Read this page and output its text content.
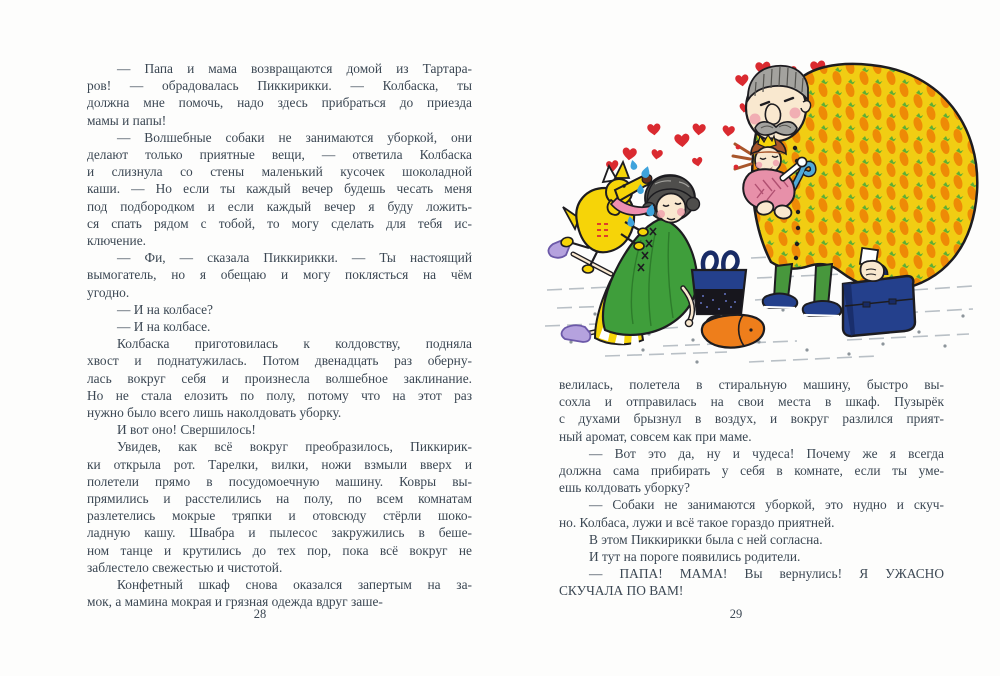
— Папа и мама возвращаются домой из Тартара-
ров! — обрадовалась Пиккирикки. — Колбаска, ты
должна мне помочь, надо здесь прибраться до приезда
мамы и папы!
— Волшебные собаки не занимаются уборкой, они
делают только приятные вещи, — ответила Колбаска
и слизнула со стены маленький кусочек шоколадной
каши. — Но если ты каждый вечер будешь чесать меня
под подбородком и если каждый вечер я буду ложить-
ся спать рядом с тобой, то могу сделать для тебя ис-
ключение.
— Фи, — сказала Пиккирикки. — Ты настоящий
вымогатель, но я обещаю и могу поклясться на чём
угодно.
— И на колбасе?
— И на колбасе.
Колбаска приготовилась к колдовству, подняла
хвост и поднатужилась. Потом двенадцать раз оберну-
лась вокруг себя и произнесла волшебное заклинание.
Но не стала елозить по полу, потому что на этот раз
нужно было всего лишь наколдовать уборку.
И вот оно! Свершилось!
Увидев, как всё вокруг преобразилось, Пиккирик-
ки открыла рот. Тарелки, вилки, ножи взмыли вверх и
полетели прямо в посудомоечную машину. Ковры вы-
прямились и расстелились на полу, по всем комнатам
разлетелись мокрые тряпки и отовсюду стёрли шоко-
ладную кашу. Швабра и пылесос закружились в беше-
ном танце и крутились до тех пор, пока всё вокруг не
заблестело свежестью и чистотой.
Конфетный шкаф снова оказался запертым на за-
мок, а мамина мокрая и грязная одежда вдруг заше-
велилась, полетела в стиральную машину, быстро вы-
сохла и отправилась на свои места в шкаф. Пузырёк
с духами брызнул в воздух, и вокруг разлился прият-
ный аромат, совсем как при маме.
— Вот это да, ну и чудеса! Почему же я всегда
должна сама прибирать у себя в комнате, если ты уме-
ешь колдовать уборку?
— Собаки не занимаются уборкой, это нудно и скуч-
но. Колбаса, лужи и всё такое гораздо приятней.
В этом Пиккирикки была с ней согласна.
И тут на пороге появились родители.
— ПАПА! МАМА! Вы вернулись! Я УЖАСНО
СКУЧАЛА ПО ВАМ!
28	29
